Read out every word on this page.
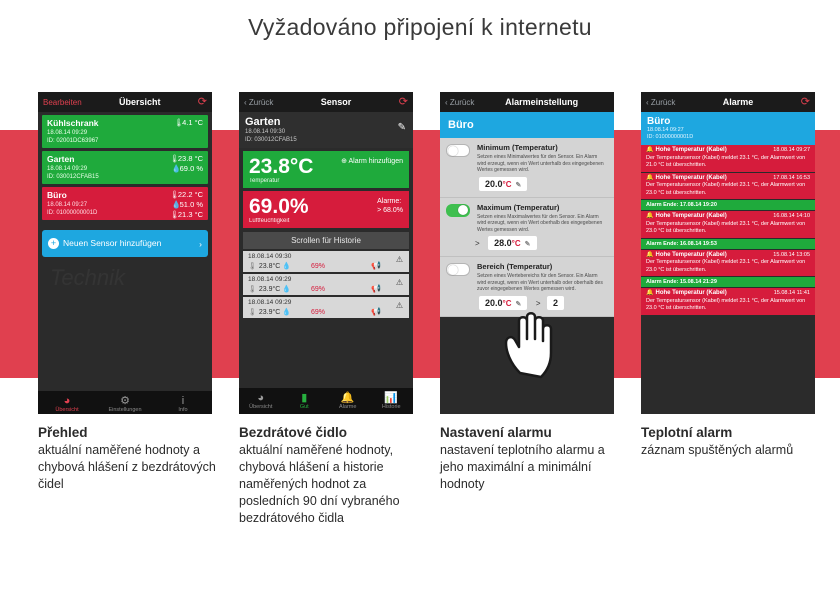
Vyžadováno připojení k internetu
Bearbeiten	Übersicht	⟳
Kühlschrank
18.08.14 09:29
ID: 02001DC63967
🌡4.1 °C
Garten
18.08.14 09:29
ID: 030012CFAB15
🌡23.8 °C
💧69.0 %
Büro
18.08.14 09:27
ID: 01000000001D
🌡22.2 °C
💧51.0 %
🌡21.3 °C
+ Neuen Sensor hinzufügen	›
Technik
◕
Übersicht
⚙
Einstellungen
i
Info
‹ Zurück	Sensor	⟳
Garten
18.08.14 09:30
ID: 030012CFAB15
✎
23.8°C
Temperatur
⊕ Alarm hinzufügen
69.0%
Luftfeuchtigkeit
Alarme:
> 68.0%
Scrollen für Historie
18.08.14 09:30
🌡 23.8°C 💧	69%
⚠
📢
18.08.14 09:29
🌡 23.9°C 💧	69%
⚠
📢
18.08.14 09:29
🌡 23.9°C 💧	69%
⚠
📢
◕
Übersicht
▮
Gut
🔔
Alarme
📊
Historie
‹ Zurück	Alarmeinstellung
Büro
Minimum (Temperatur)
Setzen eines Minimalwertes für den Sensor. Ein Alarm wird erzeugt, wenn ein Wert unterhalb des eingegebenen Wertes gemessen wird.
20.0°C ✎
Maximum (Temperatur)
Setzen eines Maximalwertes für den Sensor. Ein Alarm wird erzeugt, wenn ein Wert oberhalb des eingegebenen Wertes gemessen wird.
> 28.0°C ✎
Bereich (Temperatur)
Setzen eines Wertebereichs für den Sensor. Ein Alarm wird erzeugt, wenn ein Wert unterhalb oder oberhalb des zuvor eingegebenen Wertes gemessen wird.
20.0°C ✎ > 2
‹ Zurück	Alarme	⟳
Büro
18.08.14 09:27
ID: 01000000001D
🔔 Hohe Temperatur (Kabel)	18.08.14 09:27
Der Temperatursensor (Kabel) meldet 23.1 °C, der Alarmwert von 21.0 °C ist überschritten.
🔔 Hohe Temperatur (Kabel)	17.08.14 16:53
Der Temperatursensor (Kabel) meldet 23.1 °C, der Alarmwert von 23.0 °C ist überschritten.
Alarm Ende: 17.08.14 19:20
🔔 Hohe Temperatur (Kabel)	16.08.14 14:10
Der Temperatursensor (Kabel) meldet 23.1 °C, der Alarmwert von 23.0 °C ist überschritten.
Alarm Ende: 16.08.14 19:53
🔔 Hohe Temperatur (Kabel)	15.08.14 13:05
Der Temperatursensor (Kabel) meldet 23.1 °C, der Alarmwert von 23.0 °C ist überschritten.
Alarm Ende: 15.08.14 21:29
🔔 Hohe Temperatur (Kabel)	15.08.14 11:41
Der Temperatursensor (Kabel) meldet 23.1 °C, der Alarmwert von 23.0 °C ist überschritten.
Přehled
aktuální naměřené hodnoty a chybová hlášení z bezdrátových čidel
Bezdrátové čidlo
aktuální naměřené hodnoty, chybová hlášení a historie naměřených hodnot za posledních 90 dní vybraného bezdrátového čidla
Nastavení alarmu
nastavení teplotního alarmu a jeho maximální a minimální hodnoty
Teplotní alarm
záznam spuštěných alarmů
